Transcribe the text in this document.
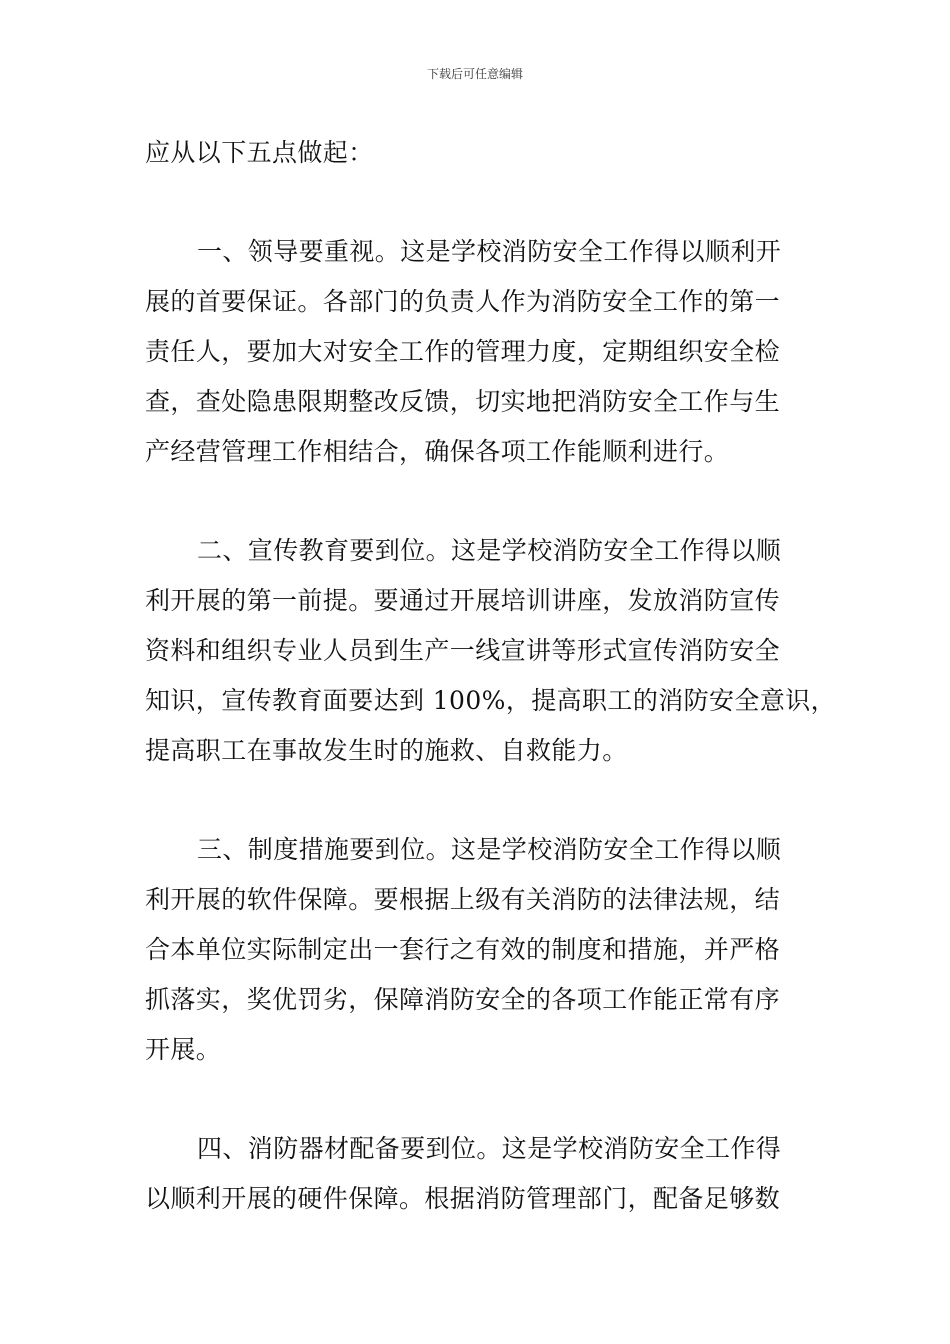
下载后可任意编辑
应从以下五点做起：
一、领导要重视。这是学校消防安全工作得以顺利开
展的首要保证。各部门的负责人作为消防安全工作的第一
责任人，要加大对安全工作的管理力度，定期组织安全检
查，查处隐患限期整改反馈，切实地把消防安全工作与生
产经营管理工作相结合，确保各项工作能顺利进行。
二、宣传教育要到位。这是学校消防安全工作得以顺
利开展的第一前提。要通过开展培训讲座，发放消防宣传
资料和组织专业人员到生产一线宣讲等形式宣传消防安全
知识，宣传教育面要达到 100%，提高职工的消防安全意识，
提高职工在事故发生时的施救、自救能力。
三、制度措施要到位。这是学校消防安全工作得以顺
利开展的软件保障。要根据上级有关消防的法律法规，结
合本单位实际制定出一套行之有效的制度和措施，并严格
抓落实，奖优罚劣，保障消防安全的各项工作能正常有序
开展。
四、消防器材配备要到位。这是学校消防安全工作得
以顺利开展的硬件保障。根据消防管理部门，配备足够数
